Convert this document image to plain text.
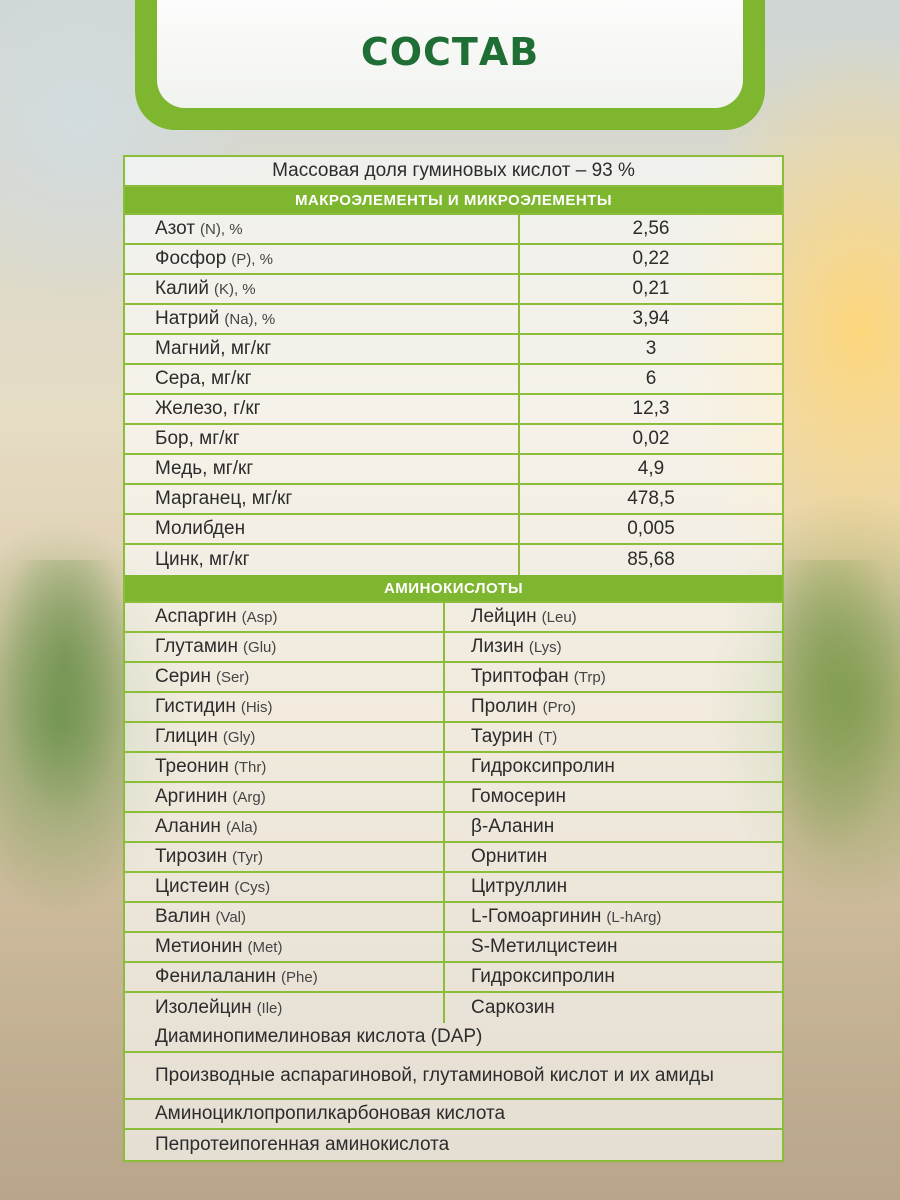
СОСТАВ
Массовая доля гуминовых кислот – 93 %
МАКРОЭЛЕМЕНТЫ И МИКРОЭЛЕМЕНТЫ
Азот (N), %	2,56
Фосфор (P), %	0,22
Калий (K), %	0,21
Натрий (Na), %	3,94
Магний, мг/кг	3
Сера, мг/кг	6
Железо, г/кг	12,3
Бор, мг/кг	0,02
Медь, мг/кг	4,9
Марганец, мг/кг	478,5
Молибден	0,005
Цинк, мг/кг	85,68
АМИНОКИСЛОТЫ
Аспаргин (Asp)	Лейцин (Leu)
Глутамин (Glu)	Лизин (Lys)
Серин (Ser)	Триптофан (Trp)
Гистидин (His)	Пролин (Pro)
Глицин (Gly)	Таурин (T)
Треонин (Thr)	Гидроксипролин
Аргинин (Arg)	Гомосерин
Аланин (Ala)	β-Аланин
Тирозин (Tyr)	Орнитин
Цистеин (Cys)	Цитруллин
Валин (Val)	L-Гомоаргинин (L-hArg)
Метионин (Met)	S-Метилцистеин
Фенилаланин (Phe)	Гидроксипролин
Изолейцин (Ile)	Саркозин
Диаминопимелиновая кислота (DAP)
Производные аспарагиновой, глутаминовой кислот и их амиды
Аминоциклопропилкарбоновая кислота
Пепротеипогенная аминокислота
